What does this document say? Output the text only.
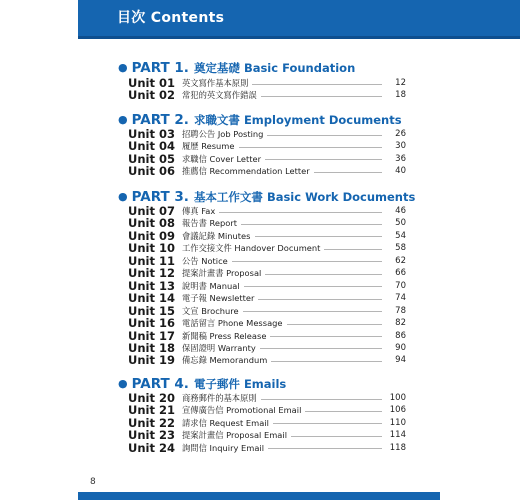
目次 Contents
● PART 1. 奠定基礎 Basic Foundation
Unit 01 英文寫作基本原則	12
Unit 02 常犯的英文寫作錯誤	18
● PART 2. 求職文書 Employment Documents
Unit 03 招聘公告 Job Posting	26
Unit 04 履歷 Resume	30
Unit 05 求職信 Cover Letter	36
Unit 06 推薦信 Recommendation Letter	40
● PART 3. 基本工作文書 Basic Work Documents
Unit 07 傳真 Fax	46
Unit 08 報告書 Report	50
Unit 09 會議記錄 Minutes	54
Unit 10 工作交接文件 Handover Document	58
Unit 11 公告 Notice	62
Unit 12 提案計畫書 Proposal	66
Unit 13 說明書 Manual	70
Unit 14 電子報 Newsletter	74
Unit 15 文宣 Brochure	78
Unit 16 電話留言 Phone Message	82
Unit 17 新聞稿 Press Release	86
Unit 18 保固證明 Warranty	90
Unit 19 備忘錄 Memorandum	94
● PART 4. 電子郵件 Emails
Unit 20 商務郵件的基本原則	100
Unit 21 宣傳廣告信 Promotional Email	106
Unit 22 請求信 Request Email	110
Unit 23 提案計畫信 Proposal Email	114
Unit 24 詢問信 Inquiry Email	118
8
